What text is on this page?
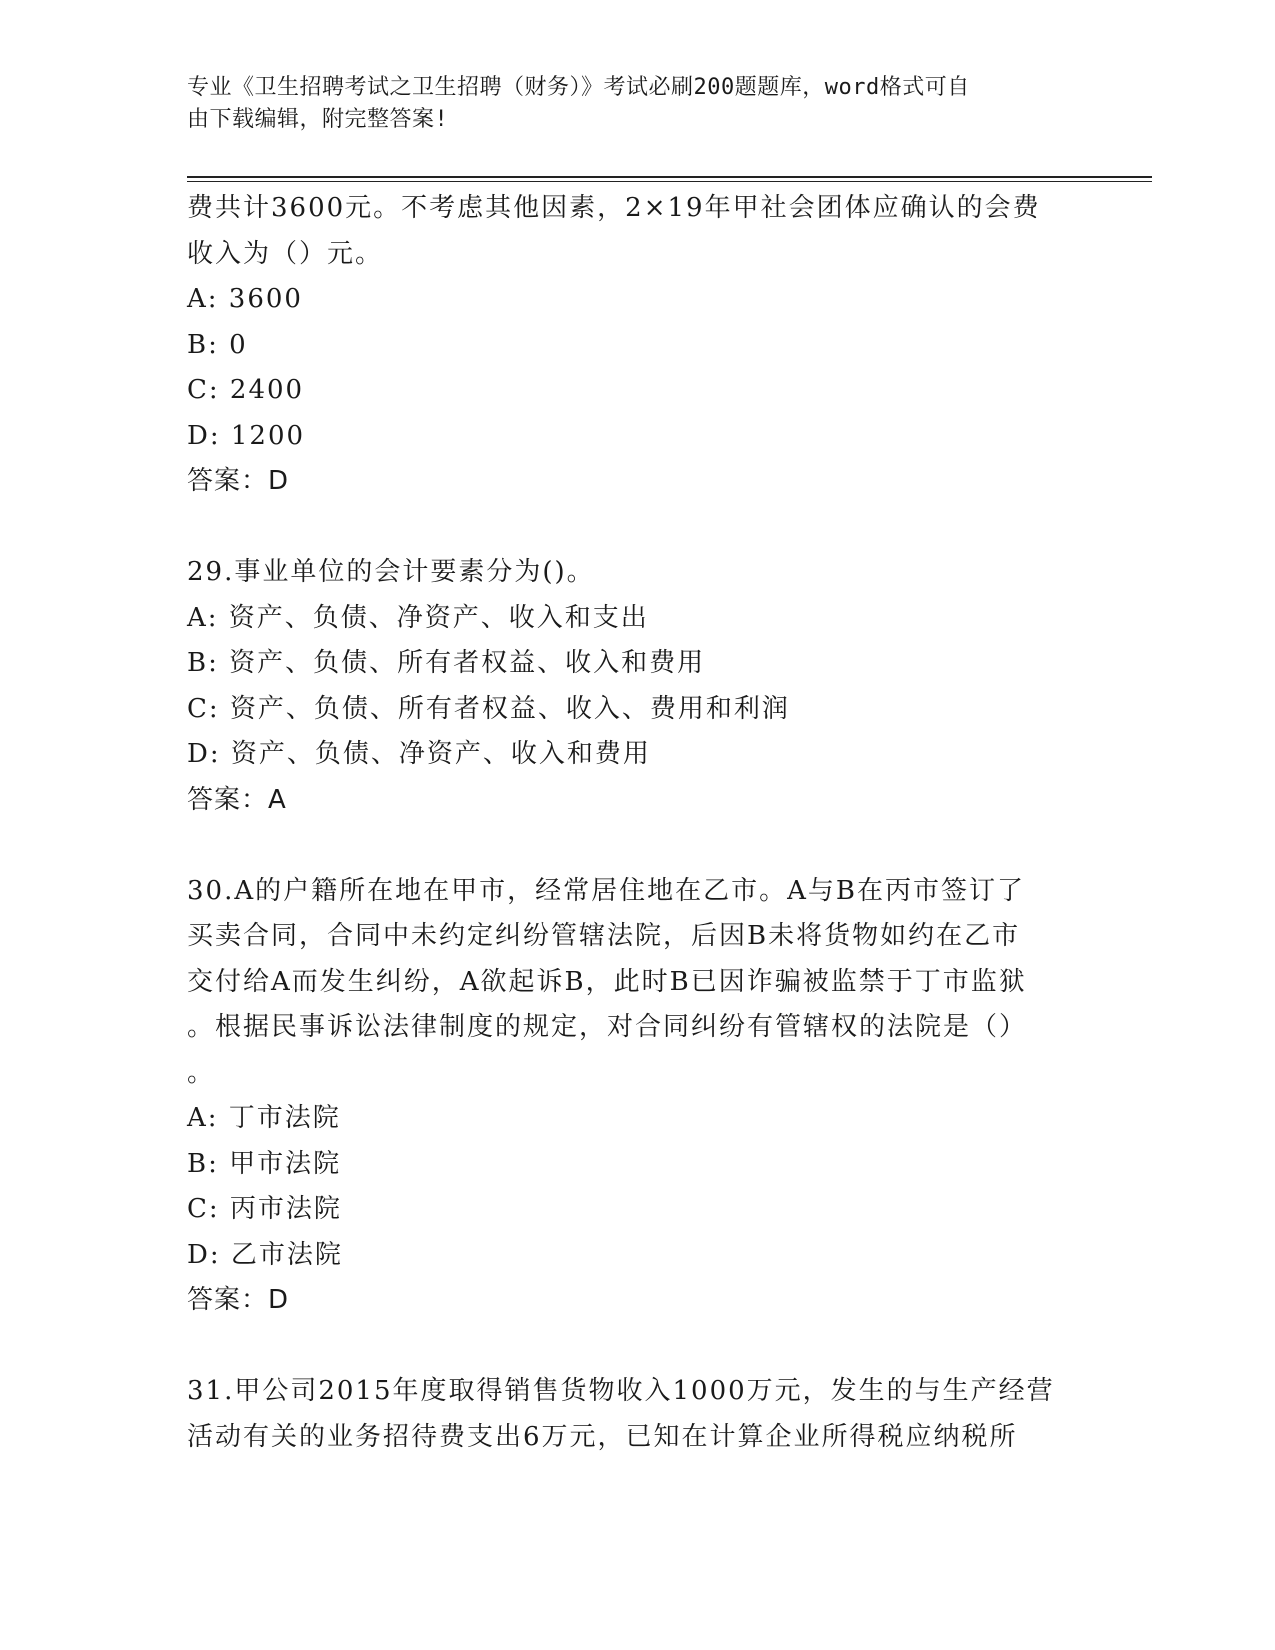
专业《卫生招聘考试之卫生招聘（财务）》考试必刷200题题库，word格式可自
由下载编辑，附完整答案!
费共计3600元。不考虑其他因素，2×19年甲社会团体应确认的会费
收入为（）元。
A: 3600
B: 0
C: 2400
D: 1200
答案：D
29.事业单位的会计要素分为()。
A: 资产、负债、净资产、收入和支出
B: 资产、负债、所有者权益、收入和费用
C: 资产、负债、所有者权益、收入、费用和利润
D: 资产、负债、净资产、收入和费用
答案：A
30.A的户籍所在地在甲市，经常居住地在乙市。A与B在丙市签订了
买卖合同，合同中未约定纠纷管辖法院，后因B未将货物如约在乙市
交付给A而发生纠纷，A欲起诉B，此时B已因诈骗被监禁于丁市监狱
。根据民事诉讼法律制度的规定，对合同纠纷有管辖权的法院是（）
。
A: 丁市法院
B: 甲市法院
C: 丙市法院
D: 乙市法院
答案：D
31.甲公司2015年度取得销售货物收入1000万元，发生的与生产经营
活动有关的业务招待费支出6万元，已知在计算企业所得税应纳税所
